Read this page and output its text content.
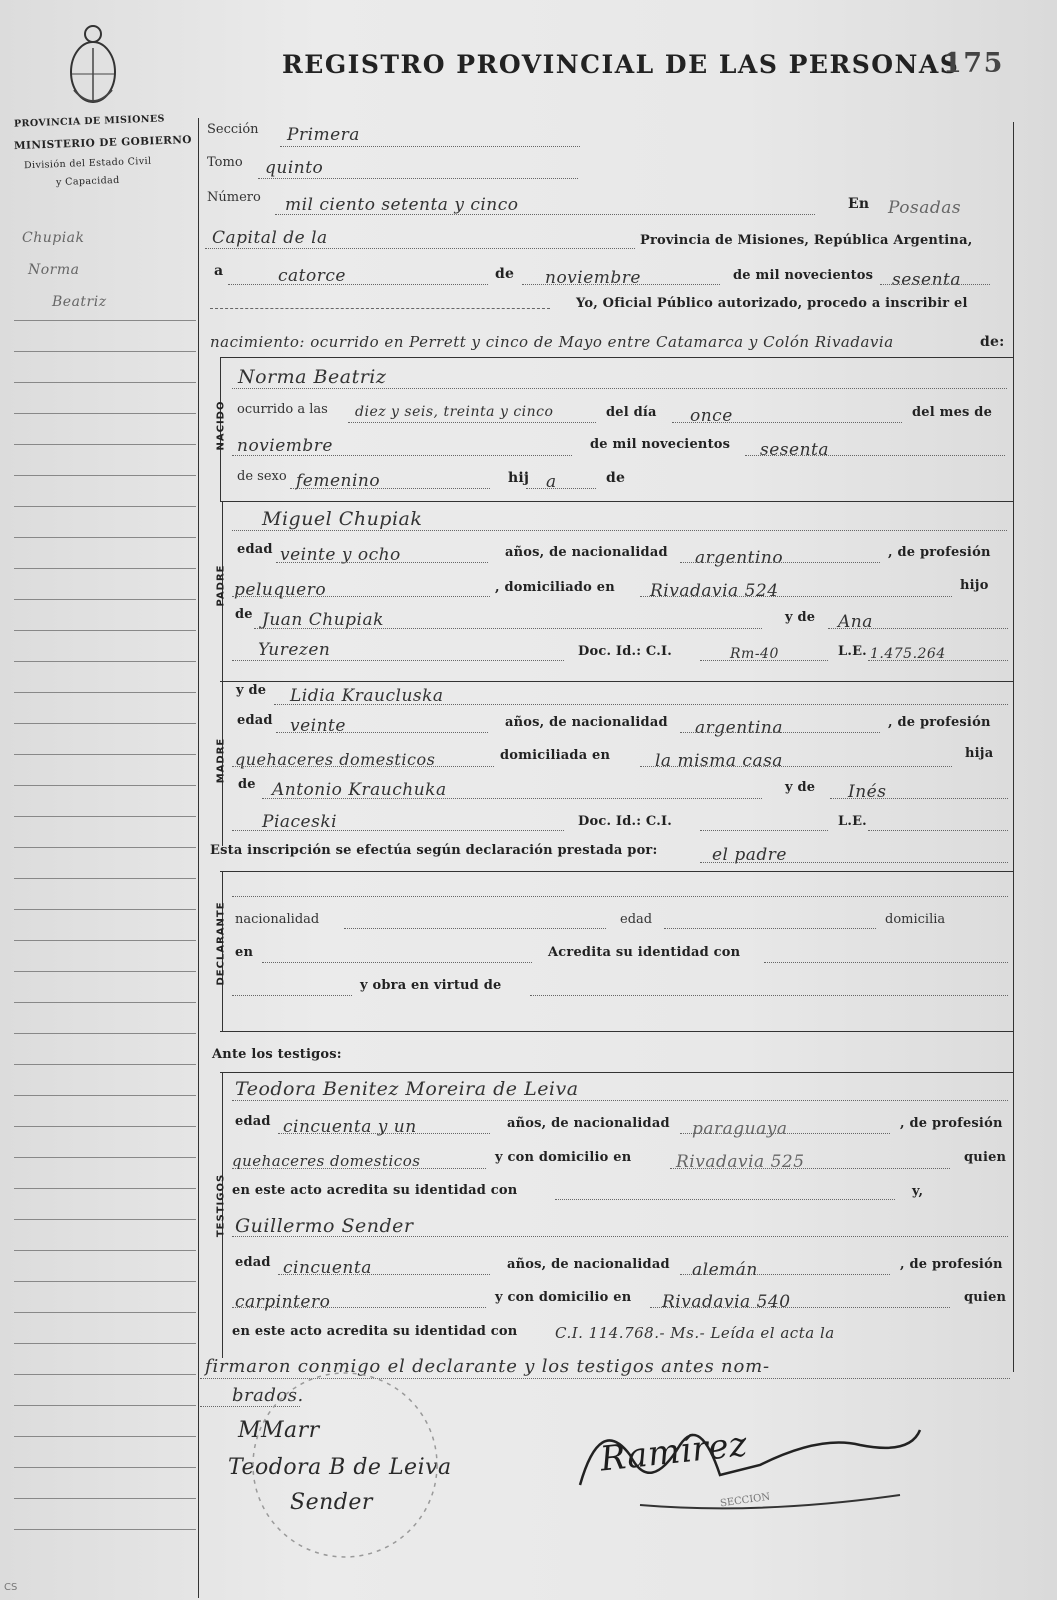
REGISTRO PROVINCIAL DE LAS PERSONAS
175
PROVINCIA DE MISIONES
MINISTERIO DE GOBIERNO
División del Estado Civil
y Capacidad
Chupiak
Norma
Beatriz
Sección Primera
Tomo quinto
Número mil ciento setenta y cinco	En Posadas
Capital de la	Provincia de Misiones, República Argentina,
a	catorce	de noviembre	de mil novecientos sesenta
Yo, Oficial Público autorizado, procedo a inscribir el
nacimiento: ocurrido en Perrett y cinco de Mayo entre Catamarca y Colón Rivadavia	de:
NACIDO
Norma Beatriz
ocurrido a las diez y seis, treinta y cinco	del día once	del mes de
noviembre	de mil novecientos sesenta
de sexo femenino	hij a	de
PADRE
Miguel Chupiak
edad veinte y ocho	años, de nacionalidad argentino	, de profesión
peluquero	, domiciliado en Rivadavia 524	hijo
de Juan Chupiak	y de Ana
Yurezen	Doc. Id.: C.I.	Rm-40	L.E. 1.475.264
MADRE
y de Lidia Kraucluska
edad veinte	años, de nacionalidad argentina	, de profesión
quehaceres domesticos	domiciliada en	la misma casa	hija
de Antonio Krauchuka	y de Inés
Piaceski	Doc. Id.: C.I.	L.E.
Esta inscripción se efectúa según declaración prestada por:	el padre
DECLARANTE nacionalidad	edad	domicilia
en	Acredita su identidad con
y obra en virtud de
Ante los testigos:
TESTIGOS
Teodora Benitez Moreira de Leiva
edad cincuenta y un	años, de nacionalidad paraguaya	, de profesión
quehaceres domesticos	y con domicilio en	Rivadavia 525	quien
en este acto acredita su identidad con	y,
Guillermo Sender
edad cincuenta	años, de nacionalidad alemán	, de profesión
carpintero	y con domicilio en Rivadavia 540	quien
en este acto acredita su identidad con	C.I. 114.768.- Ms.- Leída el acta la
firmaron conmigo el declarante y los testigos antes nom-
brados.
MMarr
Teodora B de Leiva
Sender
Ramírez
SECCION
CS
